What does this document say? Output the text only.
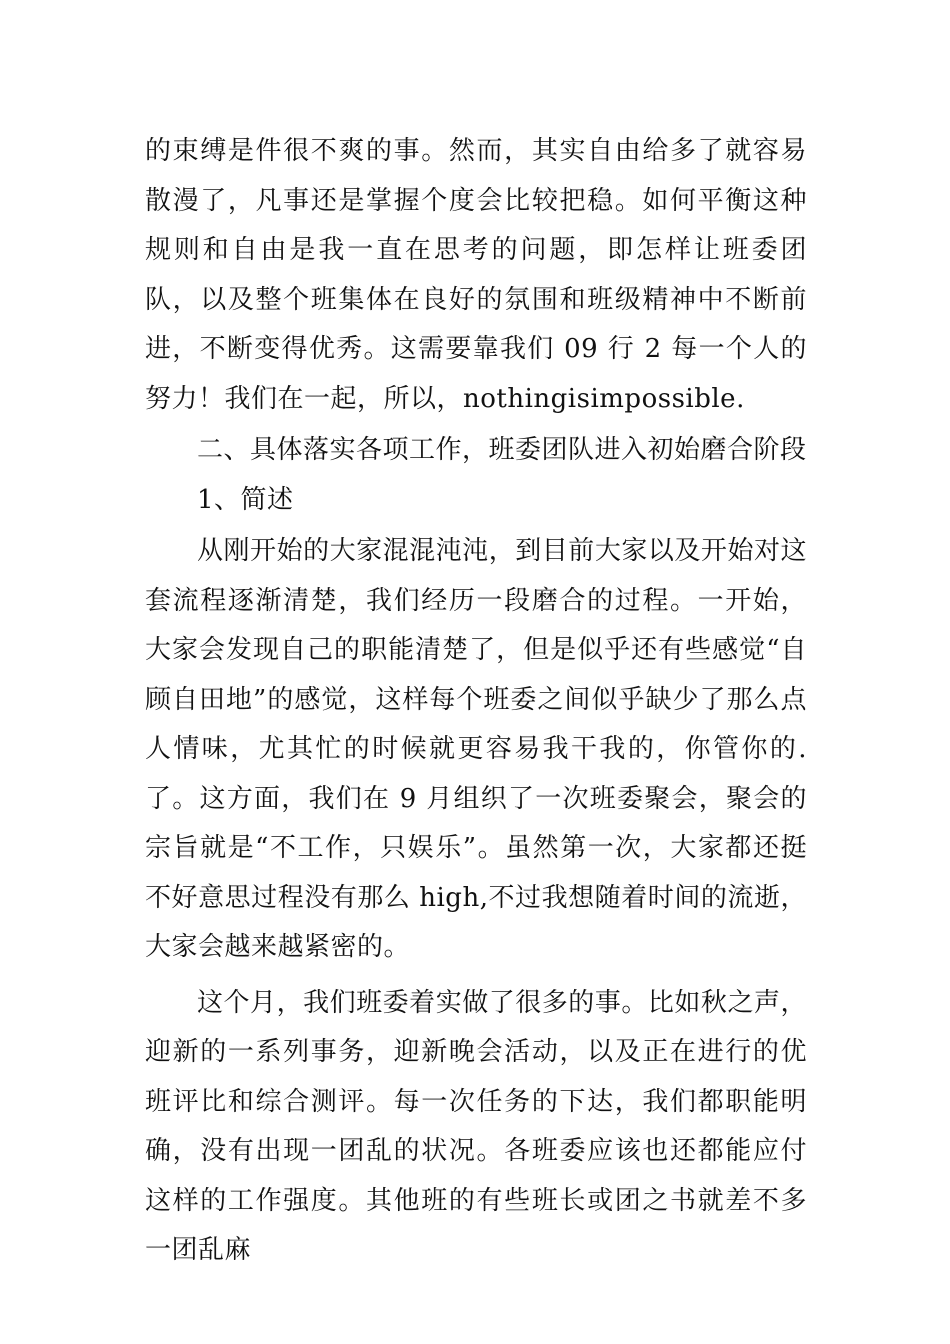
的束缚是件很不爽的事。然而，其实自由给多了就容易散漫了，凡事还是掌握个度会比较把稳。如何平衡这种规则和自由是我一直在思考的问题，即怎样让班委团队，以及整个班集体在良好的氛围和班级精神中不断前进，不断变得优秀。这需要靠我们 09 行 2 每一个人的努力！我们在一起，所以，nothingisimpossible.

二、具体落实各项工作，班委团队进入初始磨合阶段

1、简述

从刚开始的大家混混沌沌，到目前大家以及开始对这套流程逐渐清楚，我们经历一段磨合的过程。一开始，大家会发现自己的职能清楚了，但是似乎还有些感觉“自顾自田地”的感觉，这样每个班委之间似乎缺少了那么点人情味，尤其忙的时候就更容易我干我的，你管你的.了。这方面，我们在 9 月组织了一次班委聚会，聚会的宗旨就是“不工作，只娱乐”。虽然第一次，大家都还挺不好意思过程没有那么 high,不过我想随着时间的流逝，大家会越来越紧密的。

这个月，我们班委着实做了很多的事。比如秋之声，迎新的一系列事务，迎新晚会活动，以及正在进行的优班评比和综合测评。每一次任务的下达，我们都职能明确，没有出现一团乱的状况。各班委应该也还都能应付这样的工作强度。其他班的有些班长或团之书就差不多一团乱麻
